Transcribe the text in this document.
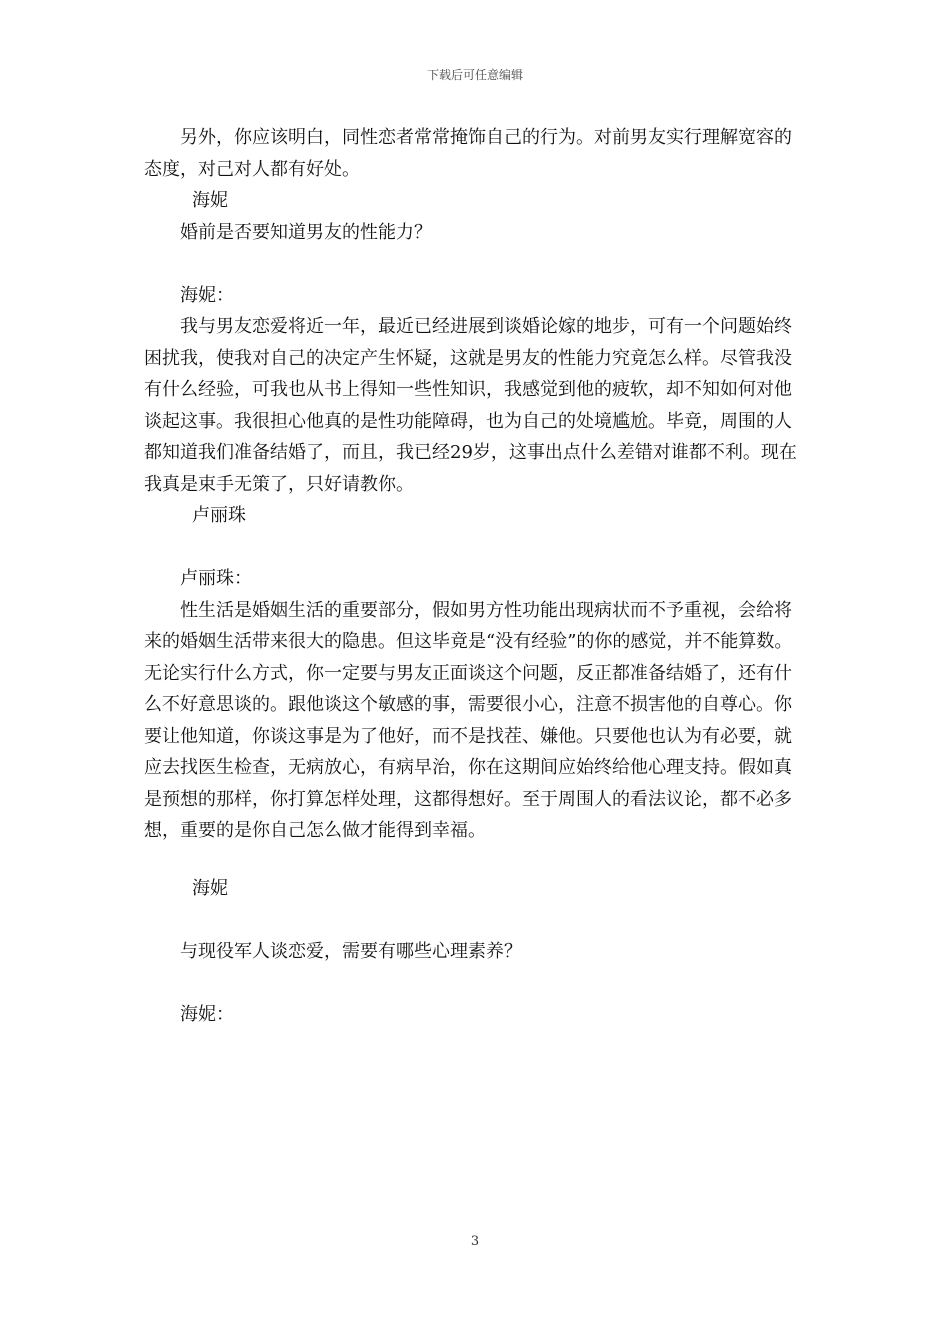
下载后可任意编辑

另外，你应该明白，同性恋者常常掩饰自己的行为。对前男友实行理解宽容的态度，对己对人都有好处。

海妮

婚前是否要知道男友的性能力？

海妮：

我与男友恋爱将近一年，最近已经进展到谈婚论嫁的地步，可有一个问题始终困扰我，使我对自己的决定产生怀疑，这就是男友的性能力究竟怎么样。尽管我没有什么经验，可我也从书上得知一些性知识，我感觉到他的疲软，却不知如何对他谈起这事。我很担心他真的是性功能障碍，也为自己的处境尴尬。毕竟，周围的人都知道我们准备结婚了，而且，我已经29岁，这事出点什么差错对谁都不利。现在我真是束手无策了，只好请教你。

卢丽珠

卢丽珠：

性生活是婚姻生活的重要部分，假如男方性功能出现病状而不予重视，会给将来的婚姻生活带来很大的隐患。但这毕竟是“没有经验”的你的感觉，并不能算数。无论实行什么方式，你一定要与男友正面谈这个问题，反正都准备结婚了，还有什么不好意思谈的。跟他谈这个敏感的事，需要很小心，注意不损害他的自尊心。你要让他知道，你谈这事是为了他好，而不是找茬、嫌他。只要他也认为有必要，就应去找医生检查，无病放心，有病早治，你在这期间应始终给他心理支持。假如真是预想的那样，你打算怎样处理，这都得想好。至于周围人的看法议论，都不必多想，重要的是你自己怎么做才能得到幸福。

海妮

与现役军人谈恋爱，需要有哪些心理素养？

海妮：

3
